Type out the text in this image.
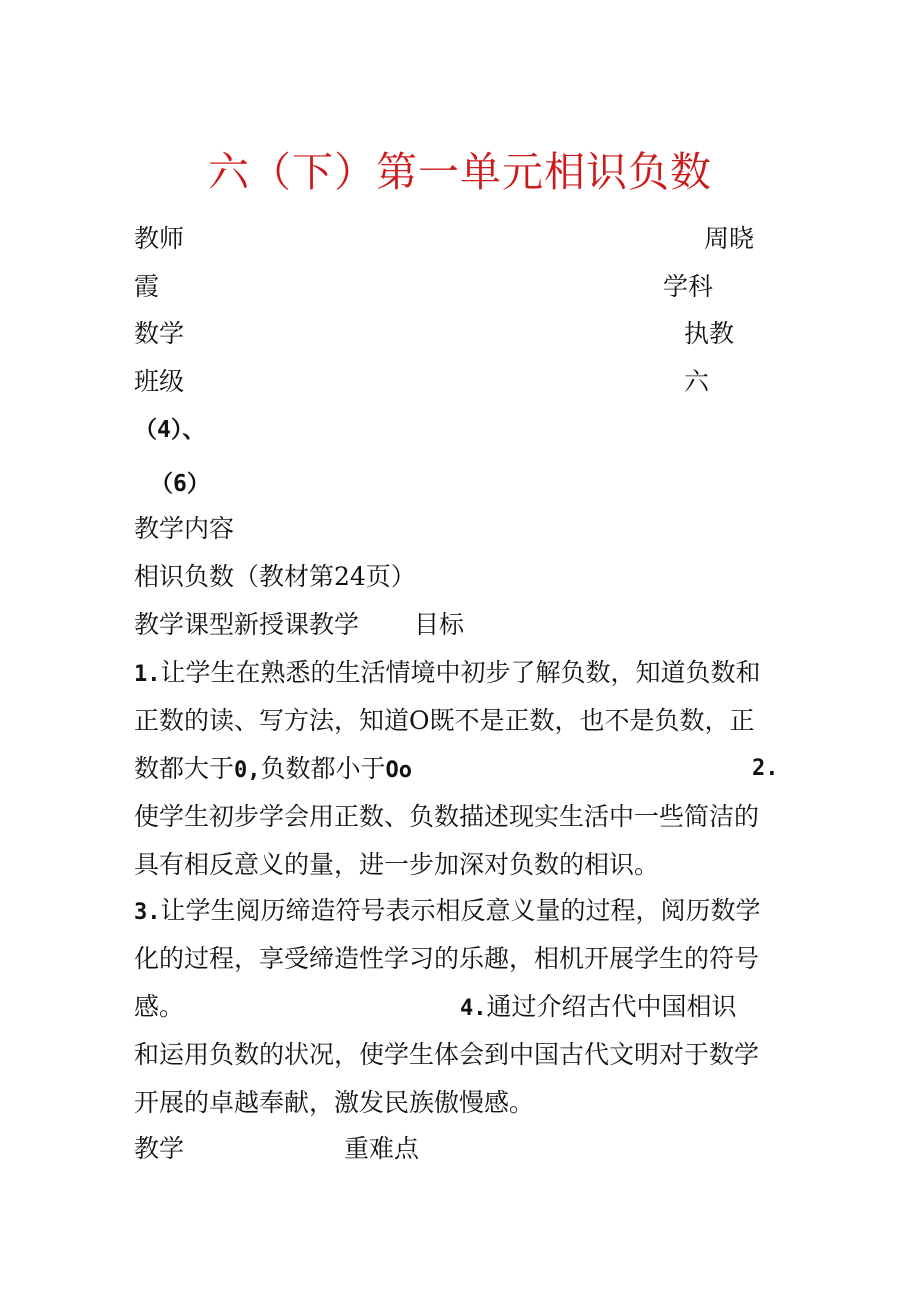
六（下）第一单元相识负数
教师	周晓
霞	学科
数学	执教
班级	六
（4）、
（6）
教学内容
相识负数（教材第24页）
教学课型新授课教学 目标
1.让学生在熟悉的生活情境中初步了解负数，知道负数和
正数的读、写方法，知道O既不是正数，也不是负数，正
数都大于0,负数都小于Oo	2.
使学生初步学会用正数、负数描述现实生活中一些简洁的
具有相反意义的量，进一步加深对负数的相识。
3.让学生阅历缔造符号表示相反意义量的过程，阅历数学
化的过程，享受缔造性学习的乐趣，相机开展学生的符号
感。	4.通过介绍古代中国相识
和运用负数的状况，使学生体会到中国古代文明对于数学
开展的卓越奉献，激发民族傲慢感。
教学	重难点
